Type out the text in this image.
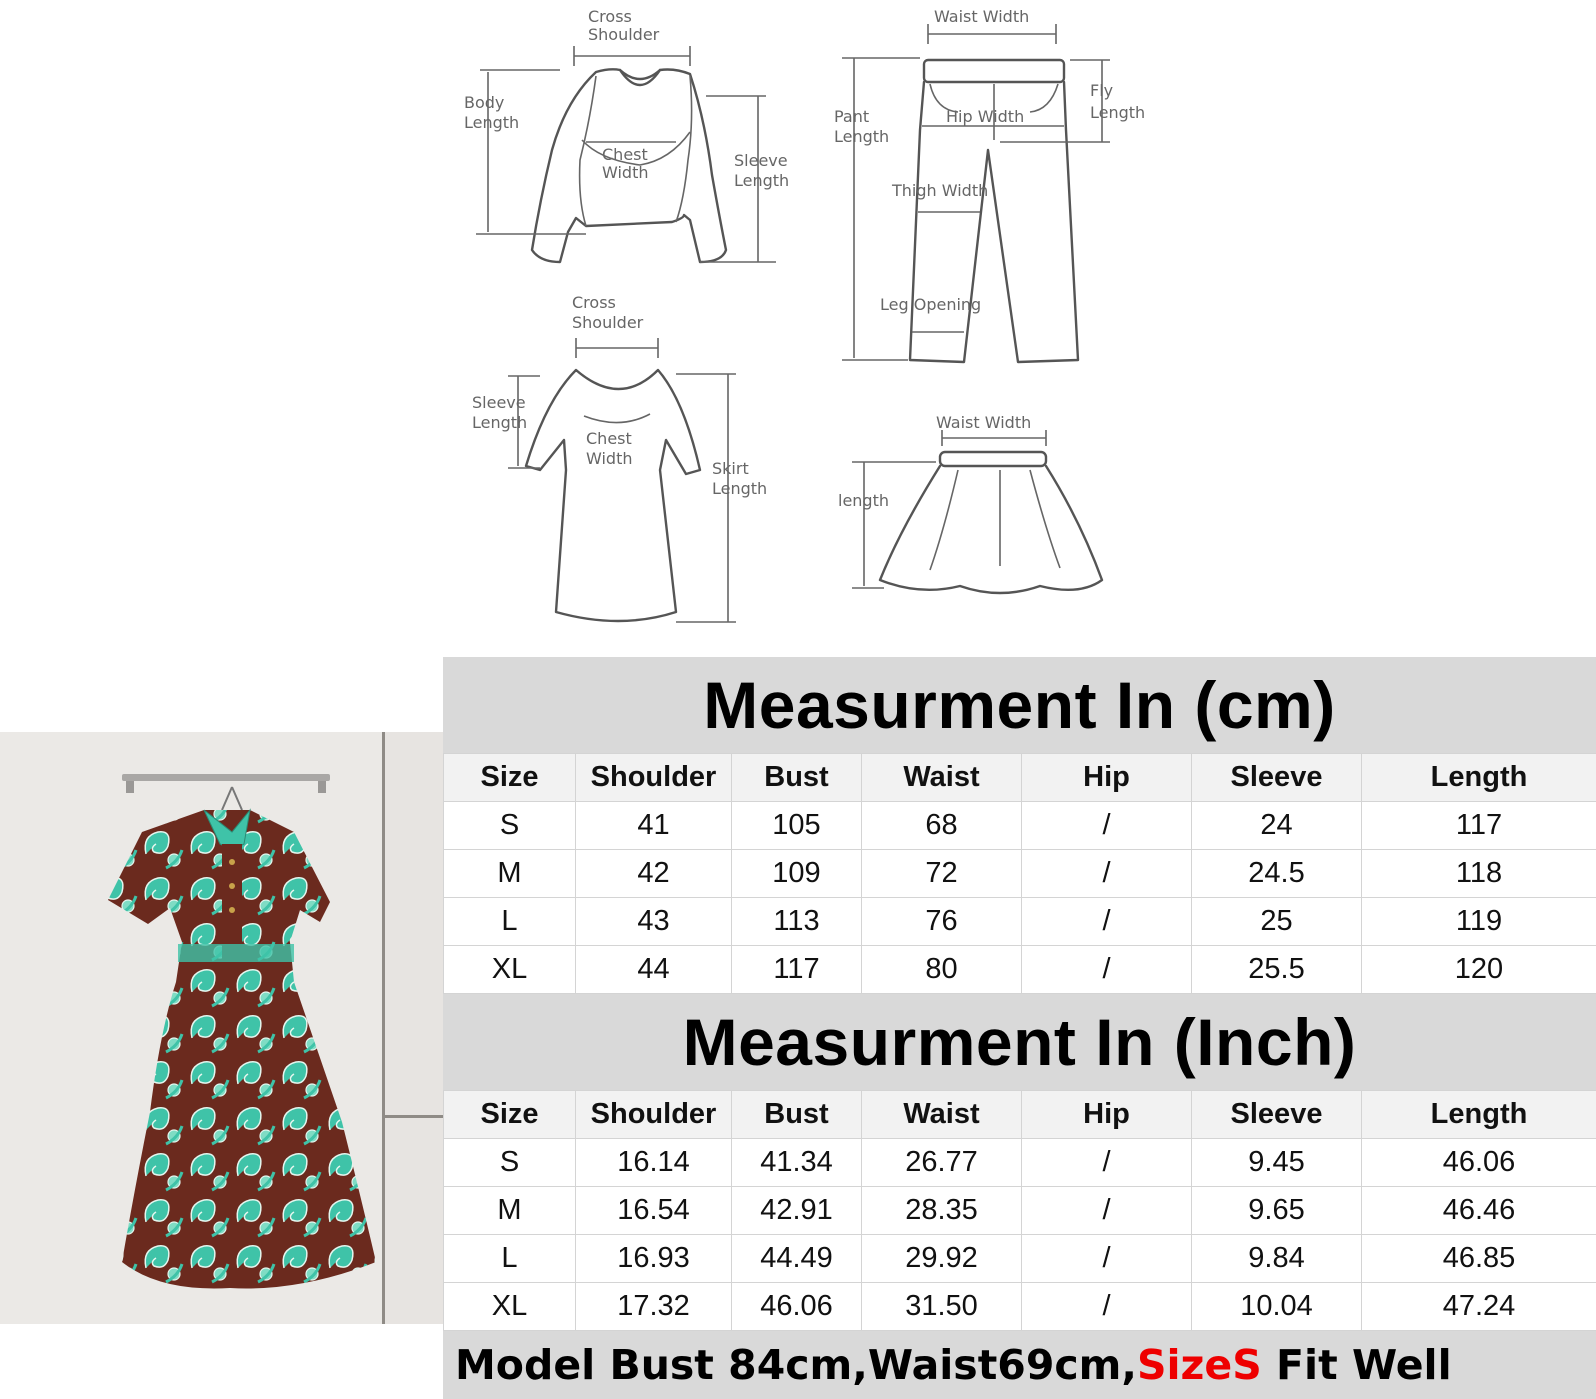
Cross
Shoulder
Body
Length
Chest
Width
Sleeve
Length
Waist Width
Pant
Length
Hip Width
Fly
Length
Thigh Width
Leg Opening
Cross
Shoulder
Sleeve
Length
Chest
Width
Skirt
Length
Waist Width
length
Measurment In (cm)
Size	Shoulder	Bust	Waist	Hip	Sleeve	Length
S	41	105	68	/	24	117
M	42	109	72	/	24.5	118
L	43	113	76	/	25	119
XL	44	117	80	/	25.5	120
Measurment In (Inch)
Size	Shoulder	Bust	Waist	Hip	Sleeve	Length
S	16.14	41.34	26.77	/	9.45	46.06
M	16.54	42.91	28.35	/	9.65	46.46
L	16.93	44.49	29.92	/	9.84	46.85
XL	17.32	46.06	31.50	/	10.04	47.24
Model Bust 84cm,Waist69cm, SizeS Fit Well
